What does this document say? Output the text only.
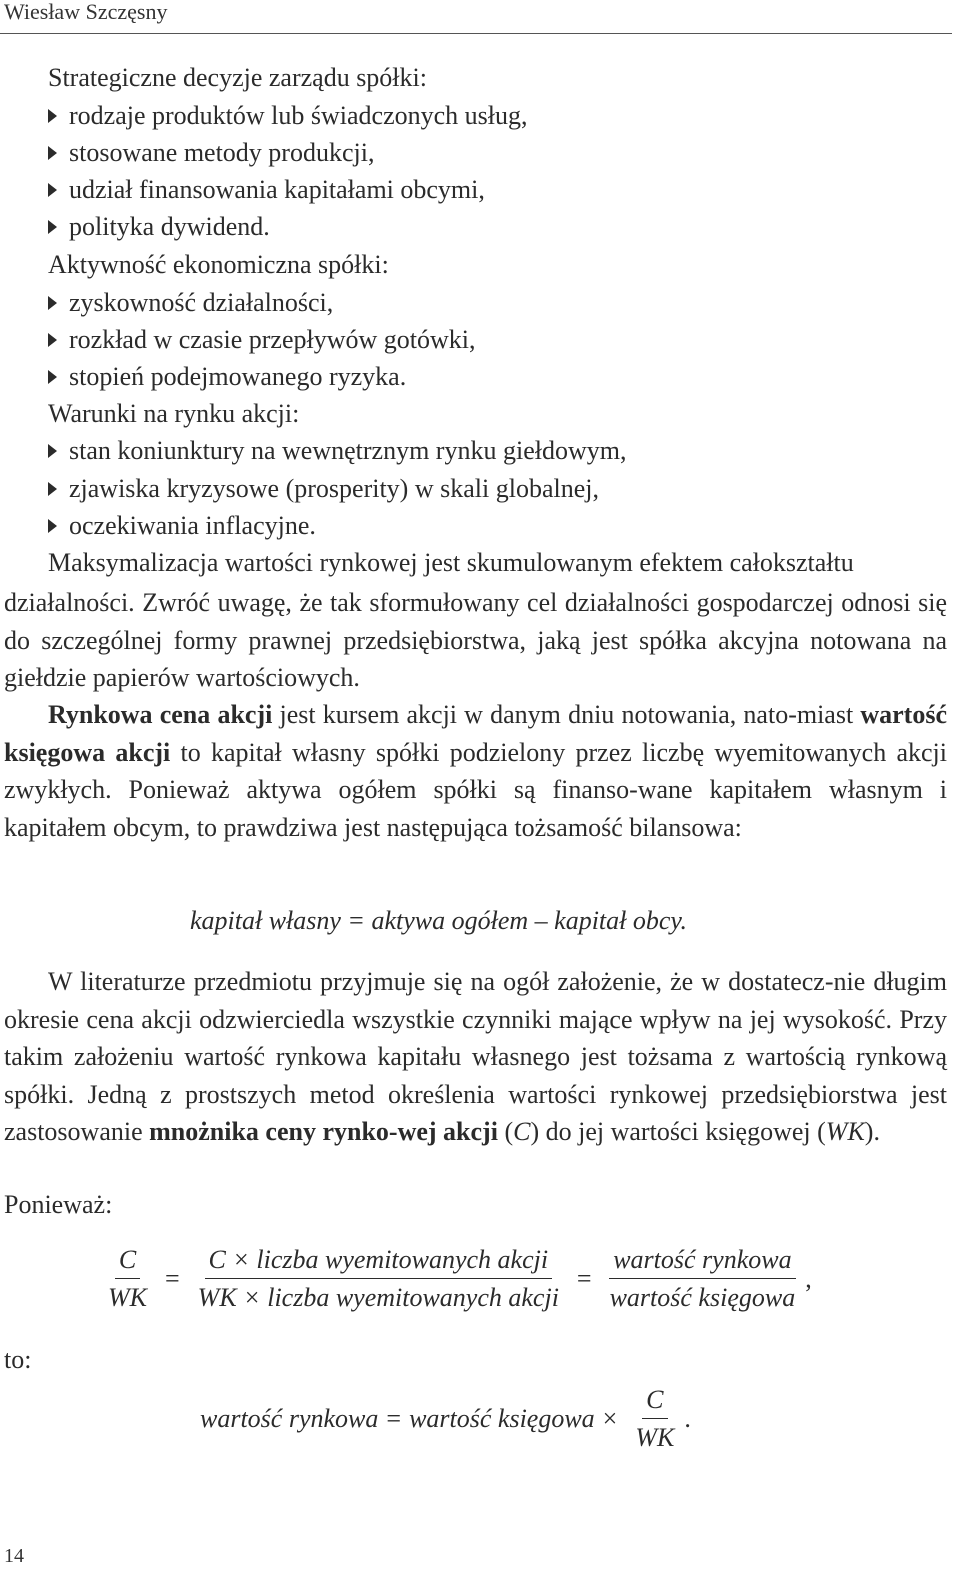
Wiesław Szczęsny
Strategiczne decyzje zarządu spółki:
rodzaje produktów lub świadczonych usług,
stosowane metody produkcji,
udział finansowania kapitałami obcymi,
polityka dywidend.
Aktywność ekonomiczna spółki:
zyskowność działalności,
rozkład w czasie przepływów gotówki,
stopień podejmowanego ryzyka.
Warunki na rynku akcji:
stan koniunktury na wewnętrznym rynku giełdowym,
zjawiska kryzysowe (prosperity) w skali globalnej,
oczekiwania inflacyjne.
Maksymalizacja wartości rynkowej jest skumulowanym efektem całokształtu
działalności. Zwróć uwagę, że tak sformułowany cel działalności gospodarczej odnosi się do szczególnej formy prawnej przedsiębiorstwa, jaką jest spółka akcyjna notowana na giełdzie papierów wartościowych.
Rynkowa cena akcji jest kursem akcji w danym dniu notowania, nato-miast wartość księgowa akcji to kapitał własny spółki podzielony przez liczbę wyemitowanych akcji zwykłych. Ponieważ aktywa ogółem spółki są finanso-wane kapitałem własnym i kapitałem obcym, to prawdziwa jest następująca tożsamość bilansowa:
kapitał własny = aktywa ogółem – kapitał obcy.
W literaturze przedmiotu przyjmuje się na ogół założenie, że w dostatecz-nie długim okresie cena akcji odzwierciedla wszystkie czynniki mające wpływ na jej wysokość. Przy takim założeniu wartość rynkowa kapitału własnego jest tożsama z wartością rynkową spółki. Jedną z prostszych metod określenia wartości rynkowej przedsiębiorstwa jest zastosowanie mnożnika ceny rynko-wej akcji (C) do jej wartości księgowej (WK).
Ponieważ:
$\frac{C}{WK} = \frac{\text{C × liczba wyemitowanych akcji}}{\text{WK × liczba wyemitowanych akcji}} = \frac{\text{wartość rynkowa}}{\text{wartość księgowa}}$ ,
to:
wartość rynkowa = wartość księgowa × $\frac{C}{WK}$ .
14
